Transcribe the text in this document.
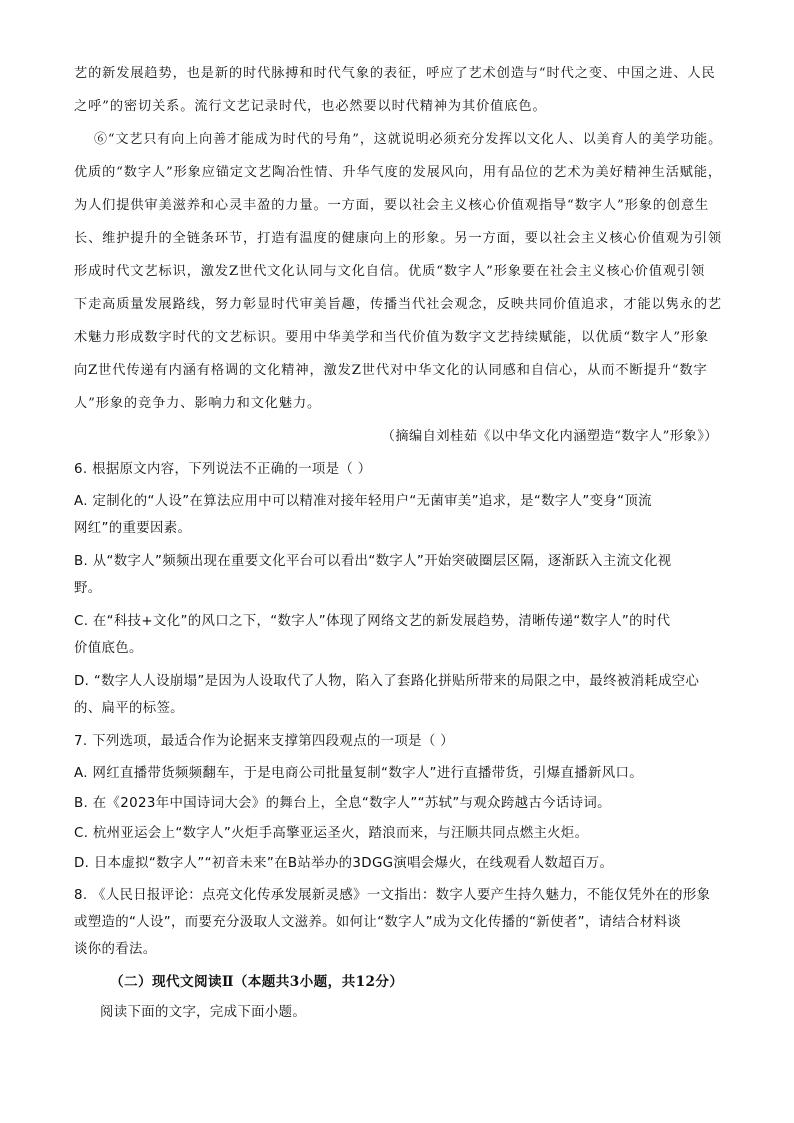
艺的新发展趋势，也是新的时代脉搏和时代气象的表征，呼应了艺术创造与“时代之变、中国之进、人民
之呼”的密切关系。流行文艺记录时代，也必然要以时代精神为其价值底色。
⑥“文艺只有向上向善才能成为时代的号角”，这就说明必须充分发挥以文化人、以美育人的美学功能。
优质的“数字人”形象应锚定文艺陶冶性情、升华气度的发展风向，用有品位的艺术为美好精神生活赋能，
为人们提供审美滋养和心灵丰盈的力量。一方面，要以社会主义核心价值观指导“数字人”形象的创意生
长、维护提升的全链条环节，打造有温度的健康向上的形象。另一方面，要以社会主义核心价值观为引领
形成时代文艺标识，激发Z世代文化认同与文化自信。优质“数字人”形象要在社会主义核心价值观引领
下走高质量发展路线，努力彰显时代审美旨趣，传播当代社会观念，反映共同价值追求，才能以隽永的艺
术魅力形成数字时代的文艺标识。要用中华美学和当代价值为数字文艺持续赋能，以优质“数字人”形象
向Z世代传递有内涵有格调的文化精神，激发Z世代对中华文化的认同感和自信心，从而不断提升“数字
人”形象的竞争力、影响力和文化魅力。
（摘编自刘桂茹《以中华文化内涵塑造“数字人”形象》）
6. 根据原文内容，下列说法不正确的一项是（ ）
A. 定制化的“人设”在算法应用中可以精准对接年轻用户“无菌审美”追求，是“数字人”变身“顶流
网红”的重要因素。
B. 从“数字人”频频出现在重要文化平台可以看出“数字人”开始突破圈层区隔，逐渐跃入主流文化视
野。
C. 在“科技+文化”的风口之下，“数字人”体现了网络文艺的新发展趋势，清晰传递“数字人”的时代
价值底色。
D. “数字人人设崩塌”是因为人设取代了人物，陷入了套路化拼贴所带来的局限之中，最终被消耗成空心
的、扁平的标签。
7. 下列选项，最适合作为论据来支撑第四段观点的一项是（ ）
A. 网红直播带货频频翻车，于是电商公司批量复制“数字人”进行直播带货，引爆直播新风口。
B. 在《2023年中国诗词大会》的舞台上，全息“数字人”“苏轼”与观众跨越古今话诗词。
C. 杭州亚运会上“数字人”火炬手高擎亚运圣火，踏浪而来，与汪顺共同点燃主火炬。
D. 日本虚拟“数字人”“初音未来”在B站举办的3DGG演唱会爆火，在线观看人数超百万。
8. 《人民日报评论：点亮文化传承发展新灵感》一文指出：数字人要产生持久魅力，不能仅凭外在的形象
或塑造的“人设”，而要充分汲取人文滋养。如何让“数字人”成为文化传播的“新使者”，请结合材料谈
谈你的看法。
（二）现代文阅读Ⅱ（本题共3小题，共12分）
阅读下面的文字，完成下面小题。
